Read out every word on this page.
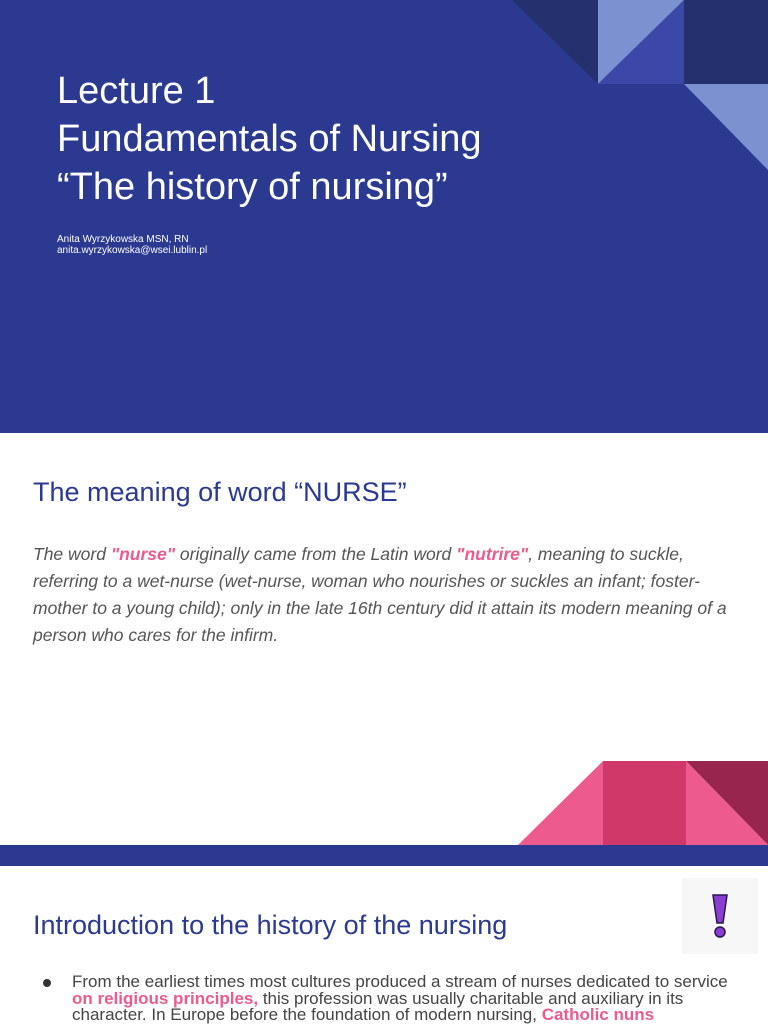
Lecture 1
Fundamentals of Nursing
“The history of nursing”
Anita Wyrzykowska MSN, RN
anita.wyrzykowska@wsei.lublin.pl
The meaning of word “NURSE”
The word "nurse" originally came from the Latin word "nutrire", meaning to suckle, referring to a wet-nurse (wet-nurse, woman who nourishes or suckles an infant; foster-mother to a young child); only in the late 16th century did it attain its modern meaning of a person who cares for the infirm.
Introduction to the history of the nursing
From the earliest times most cultures produced a stream of nurses dedicated to service on religious principles, this profession was usually charitable and auxiliary in its character. In Europe before the foundation of modern nursing, Catholic nuns
